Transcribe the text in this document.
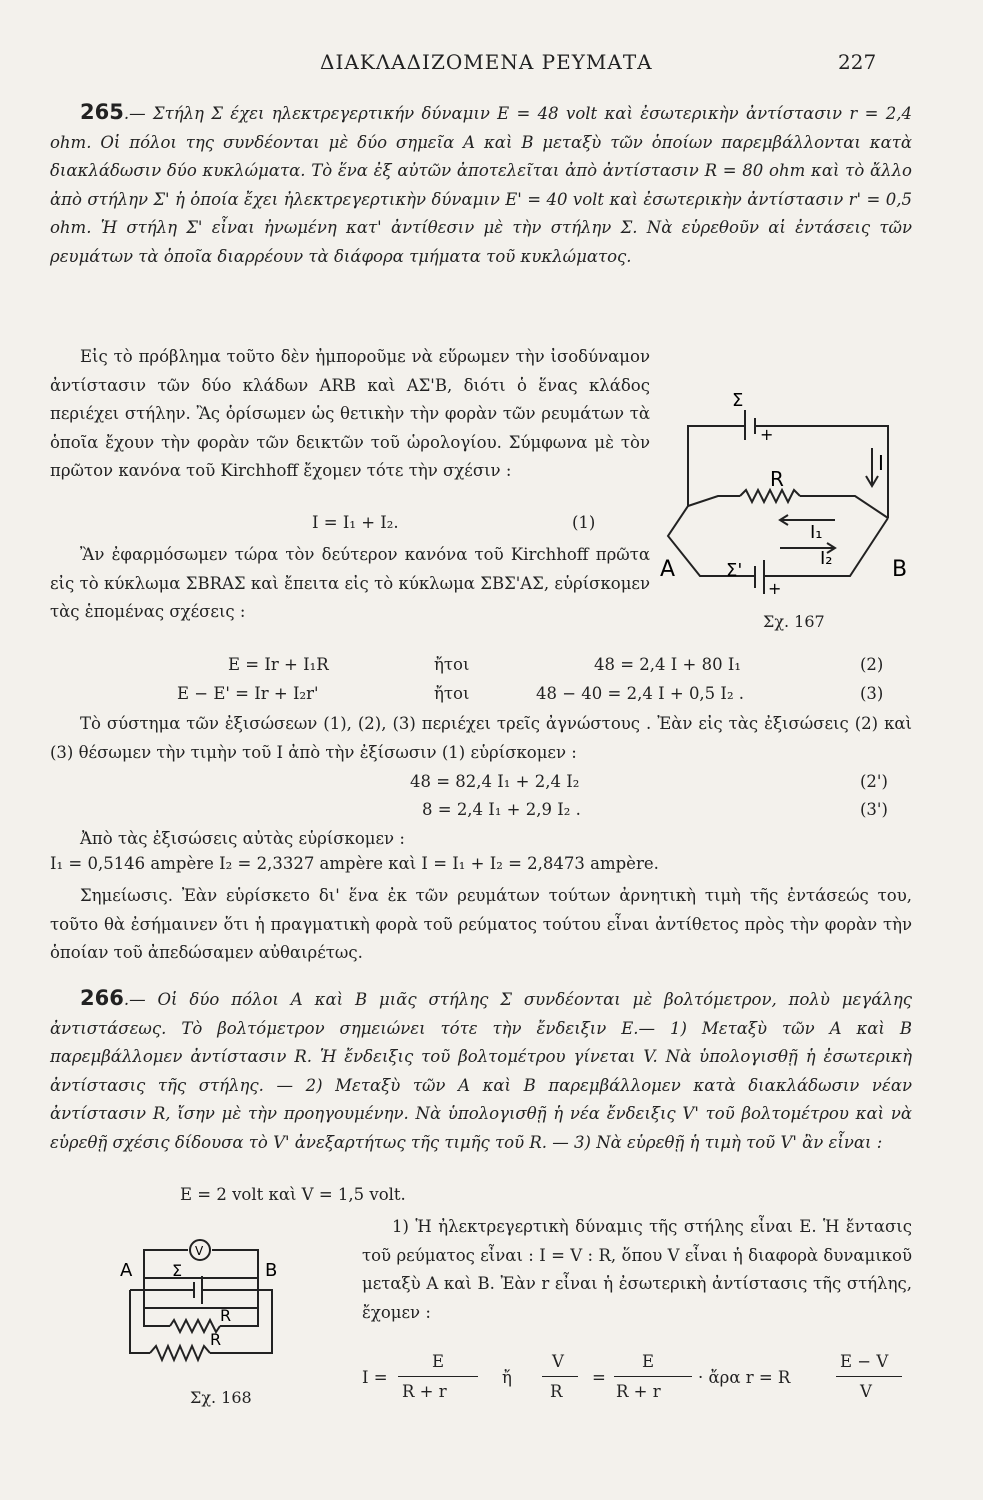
ΔΙΑΚΛΑΔΙΖΟΜΕΝΑ ΡΕΥΜΑΤΑ	227

265.— Στήλη Σ έχει ηλεκτρεγερτικήν δύναμιν Ε = 48 volt καὶ ἐσωτερικὴν ἀντίστασιν r = 2,4 ohm. Οἱ πόλοι της συνδέονται μὲ δύο σημεῖα Α καὶ Β μεταξὺ τῶν ὁποίων παρεμβάλλονται κατὰ διακλάδωσιν δύο κυκλώματα. Τὸ ἕνα ἐξ αὐτῶν ἀποτελεῖται ἀπὸ ἀντίστασιν R = 80 ohm καὶ τὸ ἄλλο ἀπὸ στήλην Σ' ἡ ὁποία ἔχει ἠλεκτρεγερτικὴν δύναμιν Ε' = 40 volt καὶ ἐσωτερικὴν ἀντίστασιν r' = 0,5 ohm. Ἡ στήλη Σ' εἶναι ἠνωμένη κατ' ἀντίθεσιν μὲ τὴν στήλην Σ. Νὰ εὑρεθοῦν αἱ ἐντάσεις τῶν ρευμάτων τὰ ὁποῖα διαρρέουν τὰ διάφορα τμήματα τοῦ κυκλώματος.

Εἰς τὸ πρόβλημα τοῦτο δὲν ἠμποροῦμε νὰ εὕρωμεν τὴν ἰσοδύναμον ἀντίστασιν τῶν δύο κλάδων ARB καὶ ΑΣ'Β, διότι ὁ ἕνας κλάδος περιέχει στήλην. Ἂς ὁρίσωμεν ὡς θετικὴν τὴν φορὰν τῶν ρευμάτων τὰ ὁποῖα ἔχουν τὴν φορὰν τῶν δεικτῶν τοῦ ὡρολογίου. Σύμφωνα μὲ τὸν πρῶτον κανόνα τοῦ Kirchhoff ἔχομεν τότε τὴν σχέσιν :

Σ
+
R
I
I₁
I₂
A	B
Σ'
+
Σχ. 167
I = I₁ + I₂.	(1)

Ἂν ἐφαρμόσωμεν τώρα τὸν δεύτερον κανόνα τοῦ Kirchhoff πρῶτα εἰς τὸ κύκλωμα ΣΒRΑΣ καὶ ἔπειτα εἰς τὸ κύκλωμα ΣΒΣ'ΑΣ, εὑρίσκομεν τὰς ἑπομένας σχέσεις :

E = Ir + I₁R	ἤτοι	48 = 2,4 I + 80 I₁	(2)
E − E' = Ir + I₂r'	ἤτοι	48 − 40 = 2,4 I + 0,5 I₂ .	(3)

Τὸ σύστημα τῶν ἐξισώσεων (1), (2), (3) περιέχει τρεῖς ἀγνώστους . Ἐὰν εἰς τὰς ἐξισώσεις (2) καὶ (3) θέσωμεν τὴν τιμὴν τοῦ Ι ἀπὸ τὴν ἐξίσωσιν (1) εὑρίσκομεν :

48 = 82,4 I₁ + 2,4 I₂	(2')
8 = 2,4 I₁ + 2,9 I₂ .	(3')

Ἀπὸ τὰς ἐξισώσεις αὐτὰς εὑρίσκομεν :

I₁ = 0,5146 ampère I₂ = 2,3327 ampère καὶ I = I₁ + I₂ = 2,8473 ampère.

Σημείωσις. Ἐὰν εὑρίσκετο δι' ἕνα ἐκ τῶν ρευμάτων τούτων ἀρνητικὴ τιμὴ τῆς ἐντάσεώς του, τοῦτο θὰ ἐσήμαινεν ὅτι ἡ πραγματικὴ φορὰ τοῦ ρεύματος τούτου εἶναι ἀντίθετος πρὸς τὴν φορὰν τὴν ὁποίαν τοῦ ἀπεδώσαμεν αὐθαιρέτως.

266.— Οἱ δύο πόλοι Α καὶ Β μιᾶς στήλης Σ συνδέονται μὲ βολτόμετρον, πολὺ μεγάλης ἀντιστάσεως. Τὸ βολτόμετρον σημειώνει τότε τὴν ἔνδειξιν Ε.— 1) Μεταξὺ τῶν Α καὶ Β παρεμβάλλομεν ἀντίστασιν R. Ἡ ἔνδειξις τοῦ βολτομέτρου γίνεται V. Νὰ ὑπολογισθῇ ἡ ἐσωτερικὴ ἀντίστασις τῆς στήλης. — 2) Μεταξὺ τῶν Α καὶ Β παρεμβάλλομεν κατὰ διακλάδωσιν νέαν ἀντίστασιν R, ἴσην μὲ τὴν προηγουμένην. Νὰ ὑπολογισθῇ ἡ νέα ἔνδειξις V' τοῦ βολτομέτρου καὶ νὰ εὑρεθῇ σχέσις δίδουσα τὸ V' ἀνεξαρτήτως τῆς τιμῆς τοῦ R. — 3) Νὰ εὑρεθῇ ἡ τιμὴ τοῦ V' ἂν εἶναι :

E = 2 volt καὶ V = 1,5 volt.

1) Ἡ ἠλεκτρεγερτικὴ δύναμις τῆς στήλης εἶναι Ε. Ἡ ἔντασις τοῦ ρεύματος εἶναι : I = V : R, ὅπου V εἶναι ἡ διαφορὰ δυναμικοῦ μεταξὺ Α καὶ Β. Ἐὰν r εἶναι ἡ ἐσωτερικὴ ἀντίστασις τῆς στήλης, ἔχομεν :

V
A	B
Σ
R
R
Σχ. 168
I =
E
R + r
ἤ
V
R
=
E
R + r
· ἄρα r = R
E − V
V
